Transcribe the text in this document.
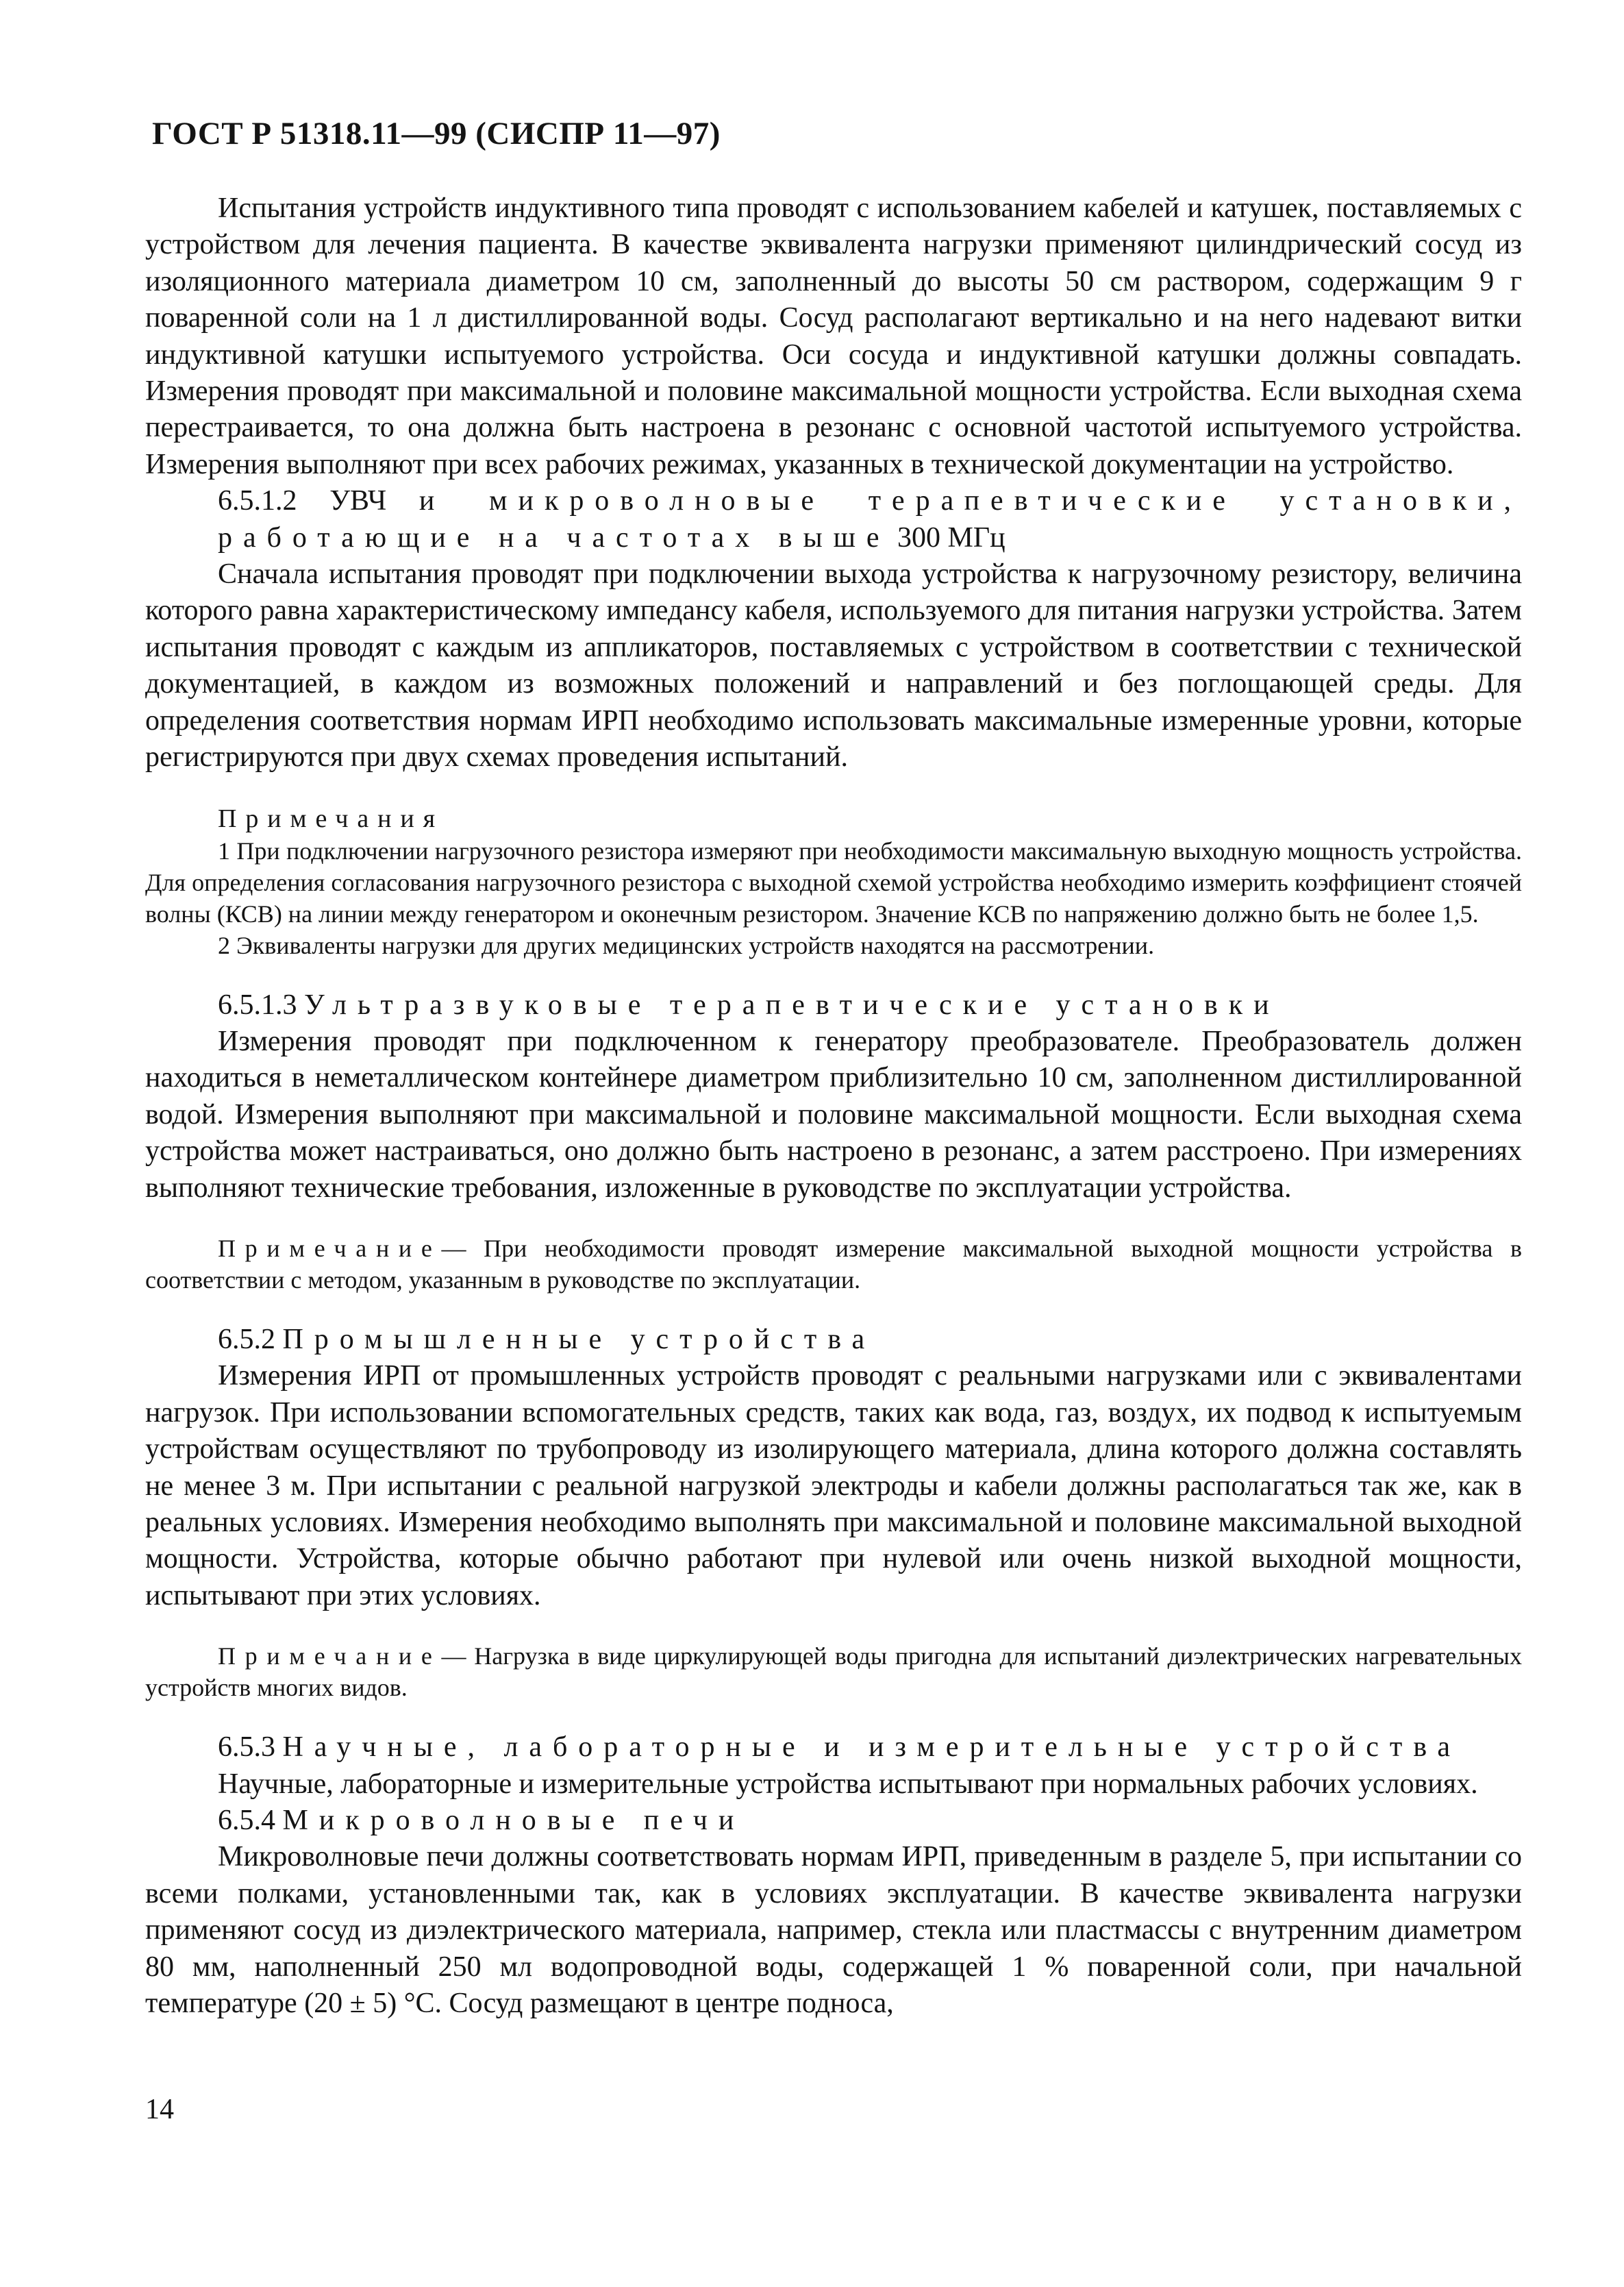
ГОСТ Р 51318.11—99 (СИСПР 11—97)

Испытания устройств индуктивного типа проводят с использованием кабелей и катушек, поставляемых с устройством для лечения пациента. В качестве эквивалента нагрузки применяют цилиндрический сосуд из изоляционного материала диаметром 10 см, заполненный до высоты 50 см раствором, содержащим 9 г поваренной соли на 1 л дистиллированной воды. Сосуд располагают вертикально и на него надевают витки индуктивной катушки испытуемого устройства. Оси сосуда и индуктивной катушки должны совпадать. Измерения проводят при максимальной и половине максимальной мощности устройства. Если выходная схема перестраивается, то она должна быть настроена в резонанс с основной частотой испытуемого устройства. Измерения выполняют при всех рабочих режимах, указанных в технической документации на устройство.

6.5.1.2 УВЧ и микроволновые терапевтические установки, работающие на частотах выше 300 МГц

Сначала испытания проводят при подключении выхода устройства к нагрузочному резистору, величина которого равна характеристическому импедансу кабеля, используемого для питания нагрузки устройства. Затем испытания проводят с каждым из аппликаторов, поставляемых с устройством в соответствии с технической документацией, в каждом из возможных положений и направлений и без поглощающей среды. Для определения соответствия нормам ИРП необходимо использовать максимальные измеренные уровни, которые регистрируются при двух схемах проведения испытаний.

Примечания

1 При подключении нагрузочного резистора измеряют при необходимости максимальную выходную мощность устройства. Для определения согласования нагрузочного резистора с выходной схемой устройства необходимо измерить коэффициент стоячей волны (КСВ) на линии между генератором и оконечным резистором. Значение КСВ по напряжению должно быть не более 1,5.

2 Эквиваленты нагрузки для других медицинских устройств находятся на рассмотрении.

6.5.1.3 Ультразвуковые терапевтические установки

Измерения проводят при подключенном к генератору преобразователе. Преобразователь должен находиться в неметаллическом контейнере диаметром приблизительно 10 см, заполненном дистиллированной водой. Измерения выполняют при максимальной и половине максимальной мощности. Если выходная схема устройства может настраиваться, оно должно быть настроено в резонанс, а затем расстроено. При измерениях выполняют технические требования, изложенные в руководстве по эксплуатации устройства.

Примечание— При необходимости проводят измерение максимальной выходной мощности устройства в соответствии с методом, указанным в руководстве по эксплуатации.

6.5.2 Промышленные устройства

Измерения ИРП от промышленных устройств проводят с реальными нагрузками или с эквивалентами нагрузок. При использовании вспомогательных средств, таких как вода, газ, воздух, их подвод к испытуемым устройствам осуществляют по трубопроводу из изолирующего материала, длина которого должна составлять не менее 3 м. При испытании с реальной нагрузкой электроды и кабели должны располагаться так же, как в реальных условиях. Измерения необходимо выполнять при максимальной и половине максимальной выходной мощности. Устройства, которые обычно работают при нулевой или очень низкой выходной мощности, испытывают при этих условиях.

Примечание— Нагрузка в виде циркулирующей воды пригодна для испытаний диэлектрических нагревательных устройств многих видов.

6.5.3 Научные, лабораторные и измерительные устройства

Научные, лабораторные и измерительные устройства испытывают при нормальных рабочих условиях.

6.5.4 Микроволновые печи

Микроволновые печи должны соответствовать нормам ИРП, приведенным в разделе 5, при испытании со всеми полками, установленными так, как в условиях эксплуатации. В качестве эквивалента нагрузки применяют сосуд из диэлектрического материала, например, стекла или пластмассы с внутренним диаметром 80 мм, наполненный 250 мл водопроводной воды, содержащей 1 % поваренной соли, при начальной температуре (20 ± 5) °С. Сосуд размещают в центре подноса,

14
